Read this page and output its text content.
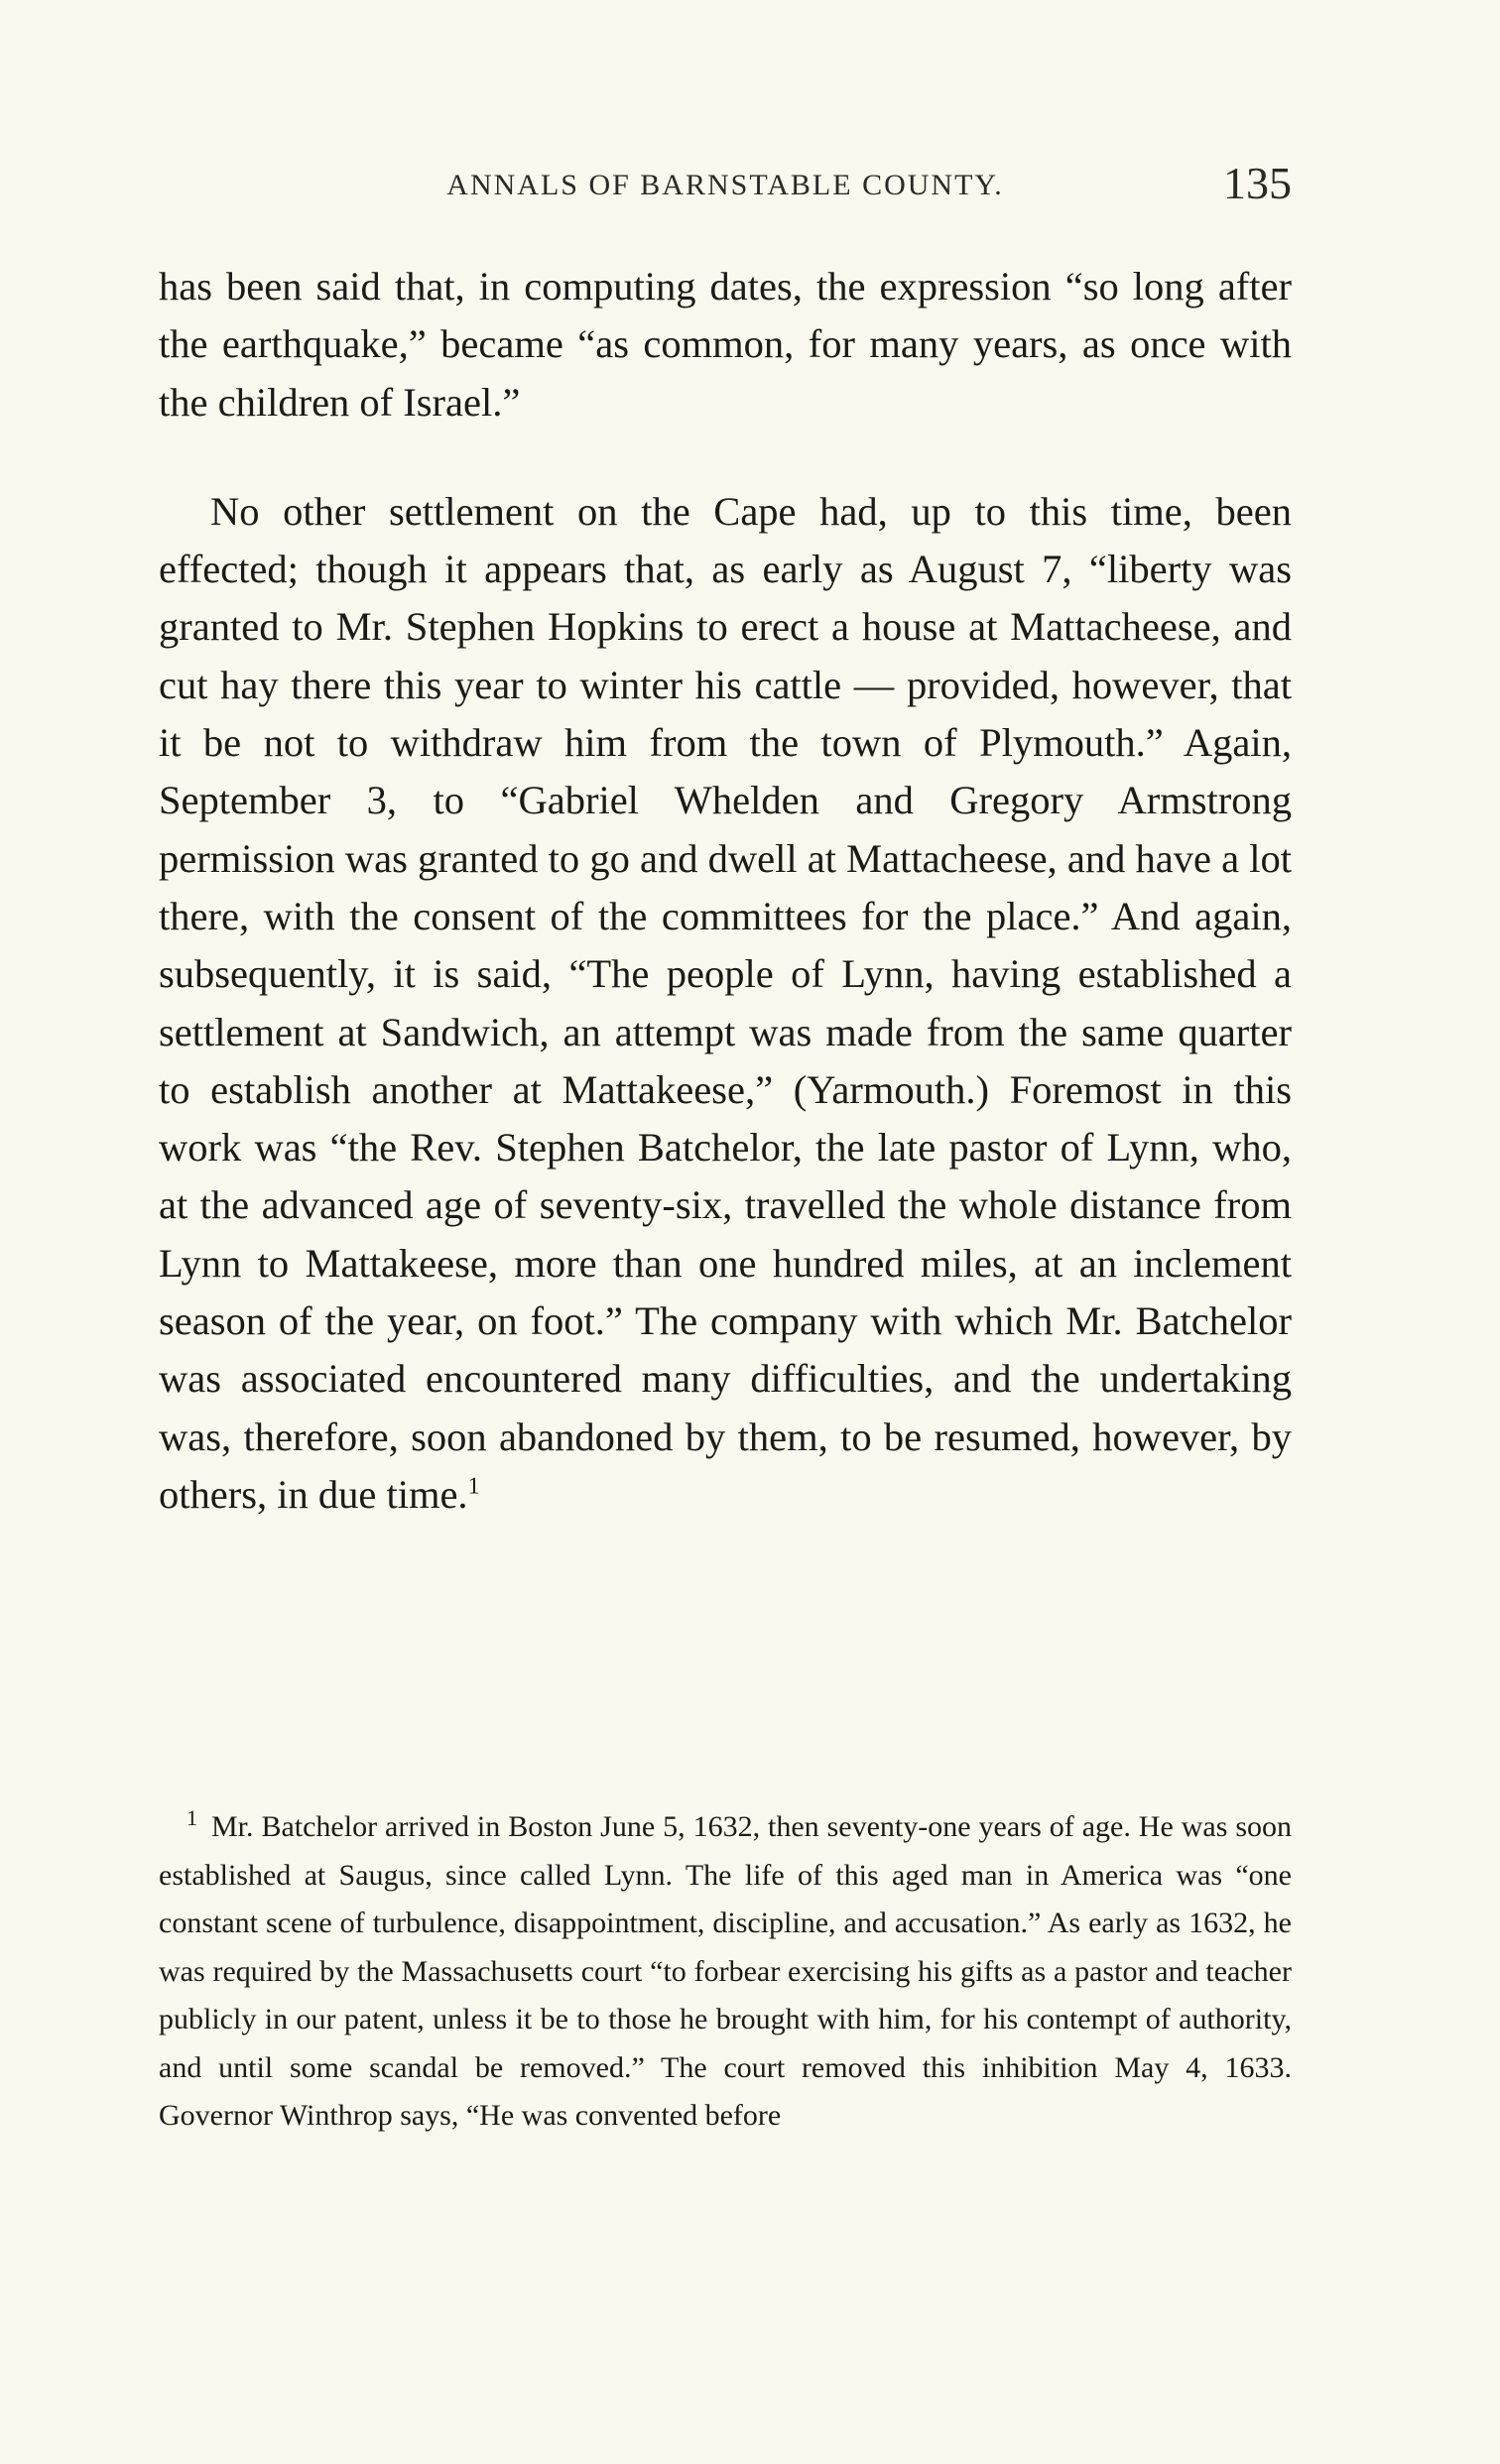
ANNALS OF BARNSTABLE COUNTY.	135

has been said that, in computing dates, the expression “so long after the earthquake,” became “as common, for many years, as once with the children of Israel.”

No other settlement on the Cape had, up to this time, been effected; though it appears that, as early as August 7, “liberty was granted to Mr. Stephen Hopkins to erect a house at Mattacheese, and cut hay there this year to winter his cattle — provided, however, that it be not to withdraw him from the town of Plymouth.” Again, September 3, to “Gabriel Whelden and Gregory Armstrong permission was granted to go and dwell at Mattacheese, and have a lot there, with the consent of the committees for the place.” And again, subsequently, it is said, “The people of Lynn, having established a settlement at Sandwich, an attempt was made from the same quarter to establish another at Mattakeese,” (Yarmouth.) Foremost in this work was “the Rev. Stephen Batchelor, the late pastor of Lynn, who, at the advanced age of seventy-six, travelled the whole distance from Lynn to Mattakeese, more than one hundred miles, at an inclement season of the year, on foot.” The company with which Mr. Batchelor was associated encountered many difficulties, and the undertaking was, therefore, soon abandoned by them, to be resumed, however, by others, in due time.$^1$

$^1$ Mr. Batchelor arrived in Boston June 5, 1632, then seventy-one years of age. He was soon established at Saugus, since called Lynn. The life of this aged man in America was “one constant scene of turbulence, disappointment, discipline, and accusation.” As early as 1632, he was required by the Massachusetts court “to forbear exercising his gifts as a pastor and teacher publicly in our patent, unless it be to those he brought with him, for his contempt of authority, and until some scandal be removed.” The court removed this inhibition May 4, 1633. Governor Winthrop says, “He was convented before
